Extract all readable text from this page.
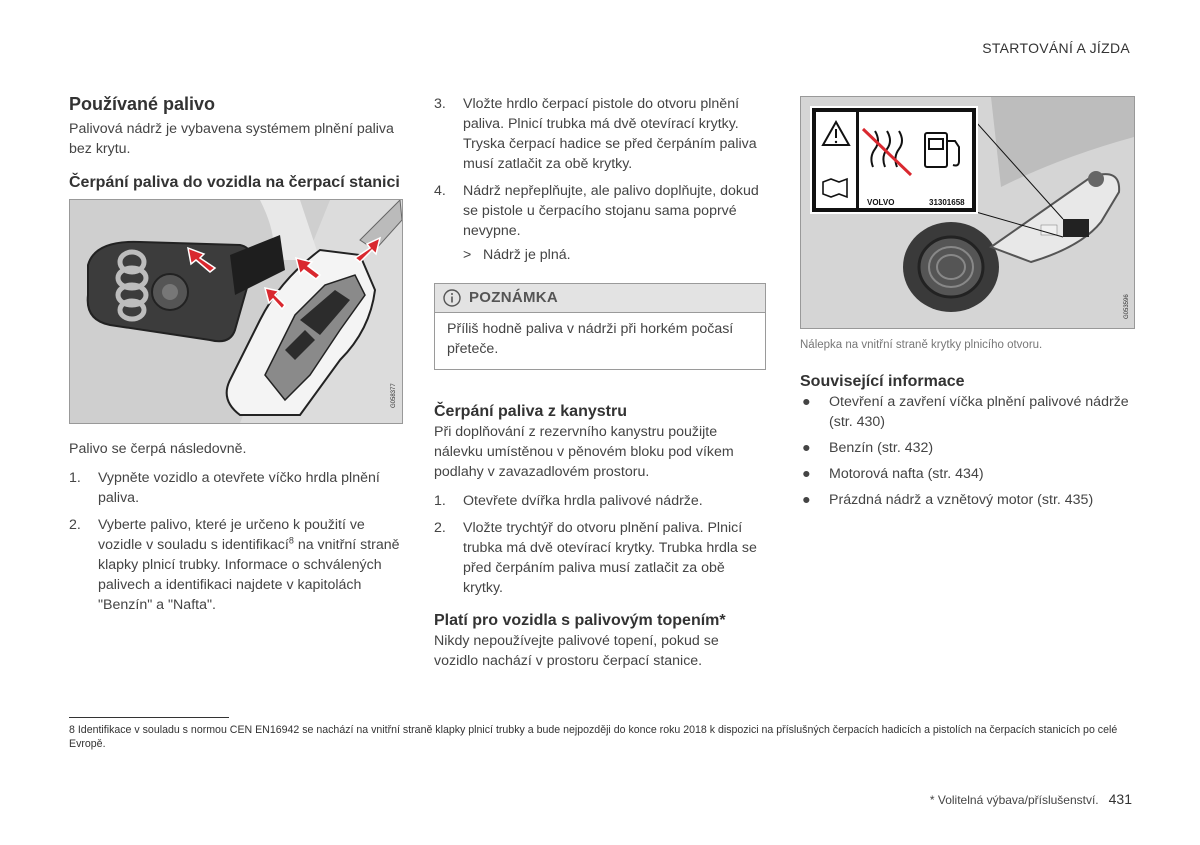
STARTOVÁNÍ A JÍZDA
Používané palivo

Palivová nádrž je vybavena systémem plnění paliva bez krytu.

Čerpání paliva do vozidla na čerpací stanici
G058377

Palivo se čerpá následovně.

1. Vypněte vozidlo a otevřete víčko hrdla plnění paliva.
2. Vyberte palivo, které je určeno k použití ve vozidle v souladu s identifikací$^8$ na vnitřní straně klapky plnicí trubky. Informace o schválených palivech a identifikaci najdete v kapitolách "Benzín" a "Nafta".
3. Vložte hrdlo čerpací pistole do otvoru plnění paliva. Plnicí trubka má dvě otevírací krytky. Tryska čerpací hadice se před čerpáním paliva musí zatlačit za obě krytky.
4. Nádrž nepřeplňujte, ale palivo doplňujte, dokud se pistole u čerpacího stojanu sama poprvé nevypne.
> Nádrž je plná.
POZNÁMKA
Příliš hodně paliva v nádrži při horkém počasí přeteče.
Čerpání paliva z kanystru

Při doplňování z rezervního kanystru použijte nálevku umístěnou v pěnovém bloku pod víkem podlahy v zavazadlovém prostoru.

1. Otevřete dvířka hrdla palivové nádrže.
2. Vložte trychtýř do otvoru plnění paliva. Plnicí trubka má dvě otevírací krytky. Trubka hrdla se před čerpáním paliva musí zatlačit za obě krytky.
Platí pro vozidla s palivovým topením*

Nikdy nepoužívejte palivové topení, pokud se vozidlo nachází v prostoru čerpací stanice.

VOLVO	31301658
G053596
Nálepka na vnitřní straně krytky plnicího otvoru.
Související informace
● Otevření a zavření víčka plnění palivové nádrže (str. 430)
● Benzín (str. 432)
● Motorová nafta (str. 434)
● Prázdná nádrž a vznětový motor (str. 435)
8 Identifikace v souladu s normou CEN EN16942 se nachází na vnitřní straně klapky plnicí trubky a bude nejpozději do konce roku 2018 k dispozici na příslušných čerpacích hadicích a pistolích na čerpacích stanicích po celé Evropě.
* Volitelná výbava/příslušenství. 431
